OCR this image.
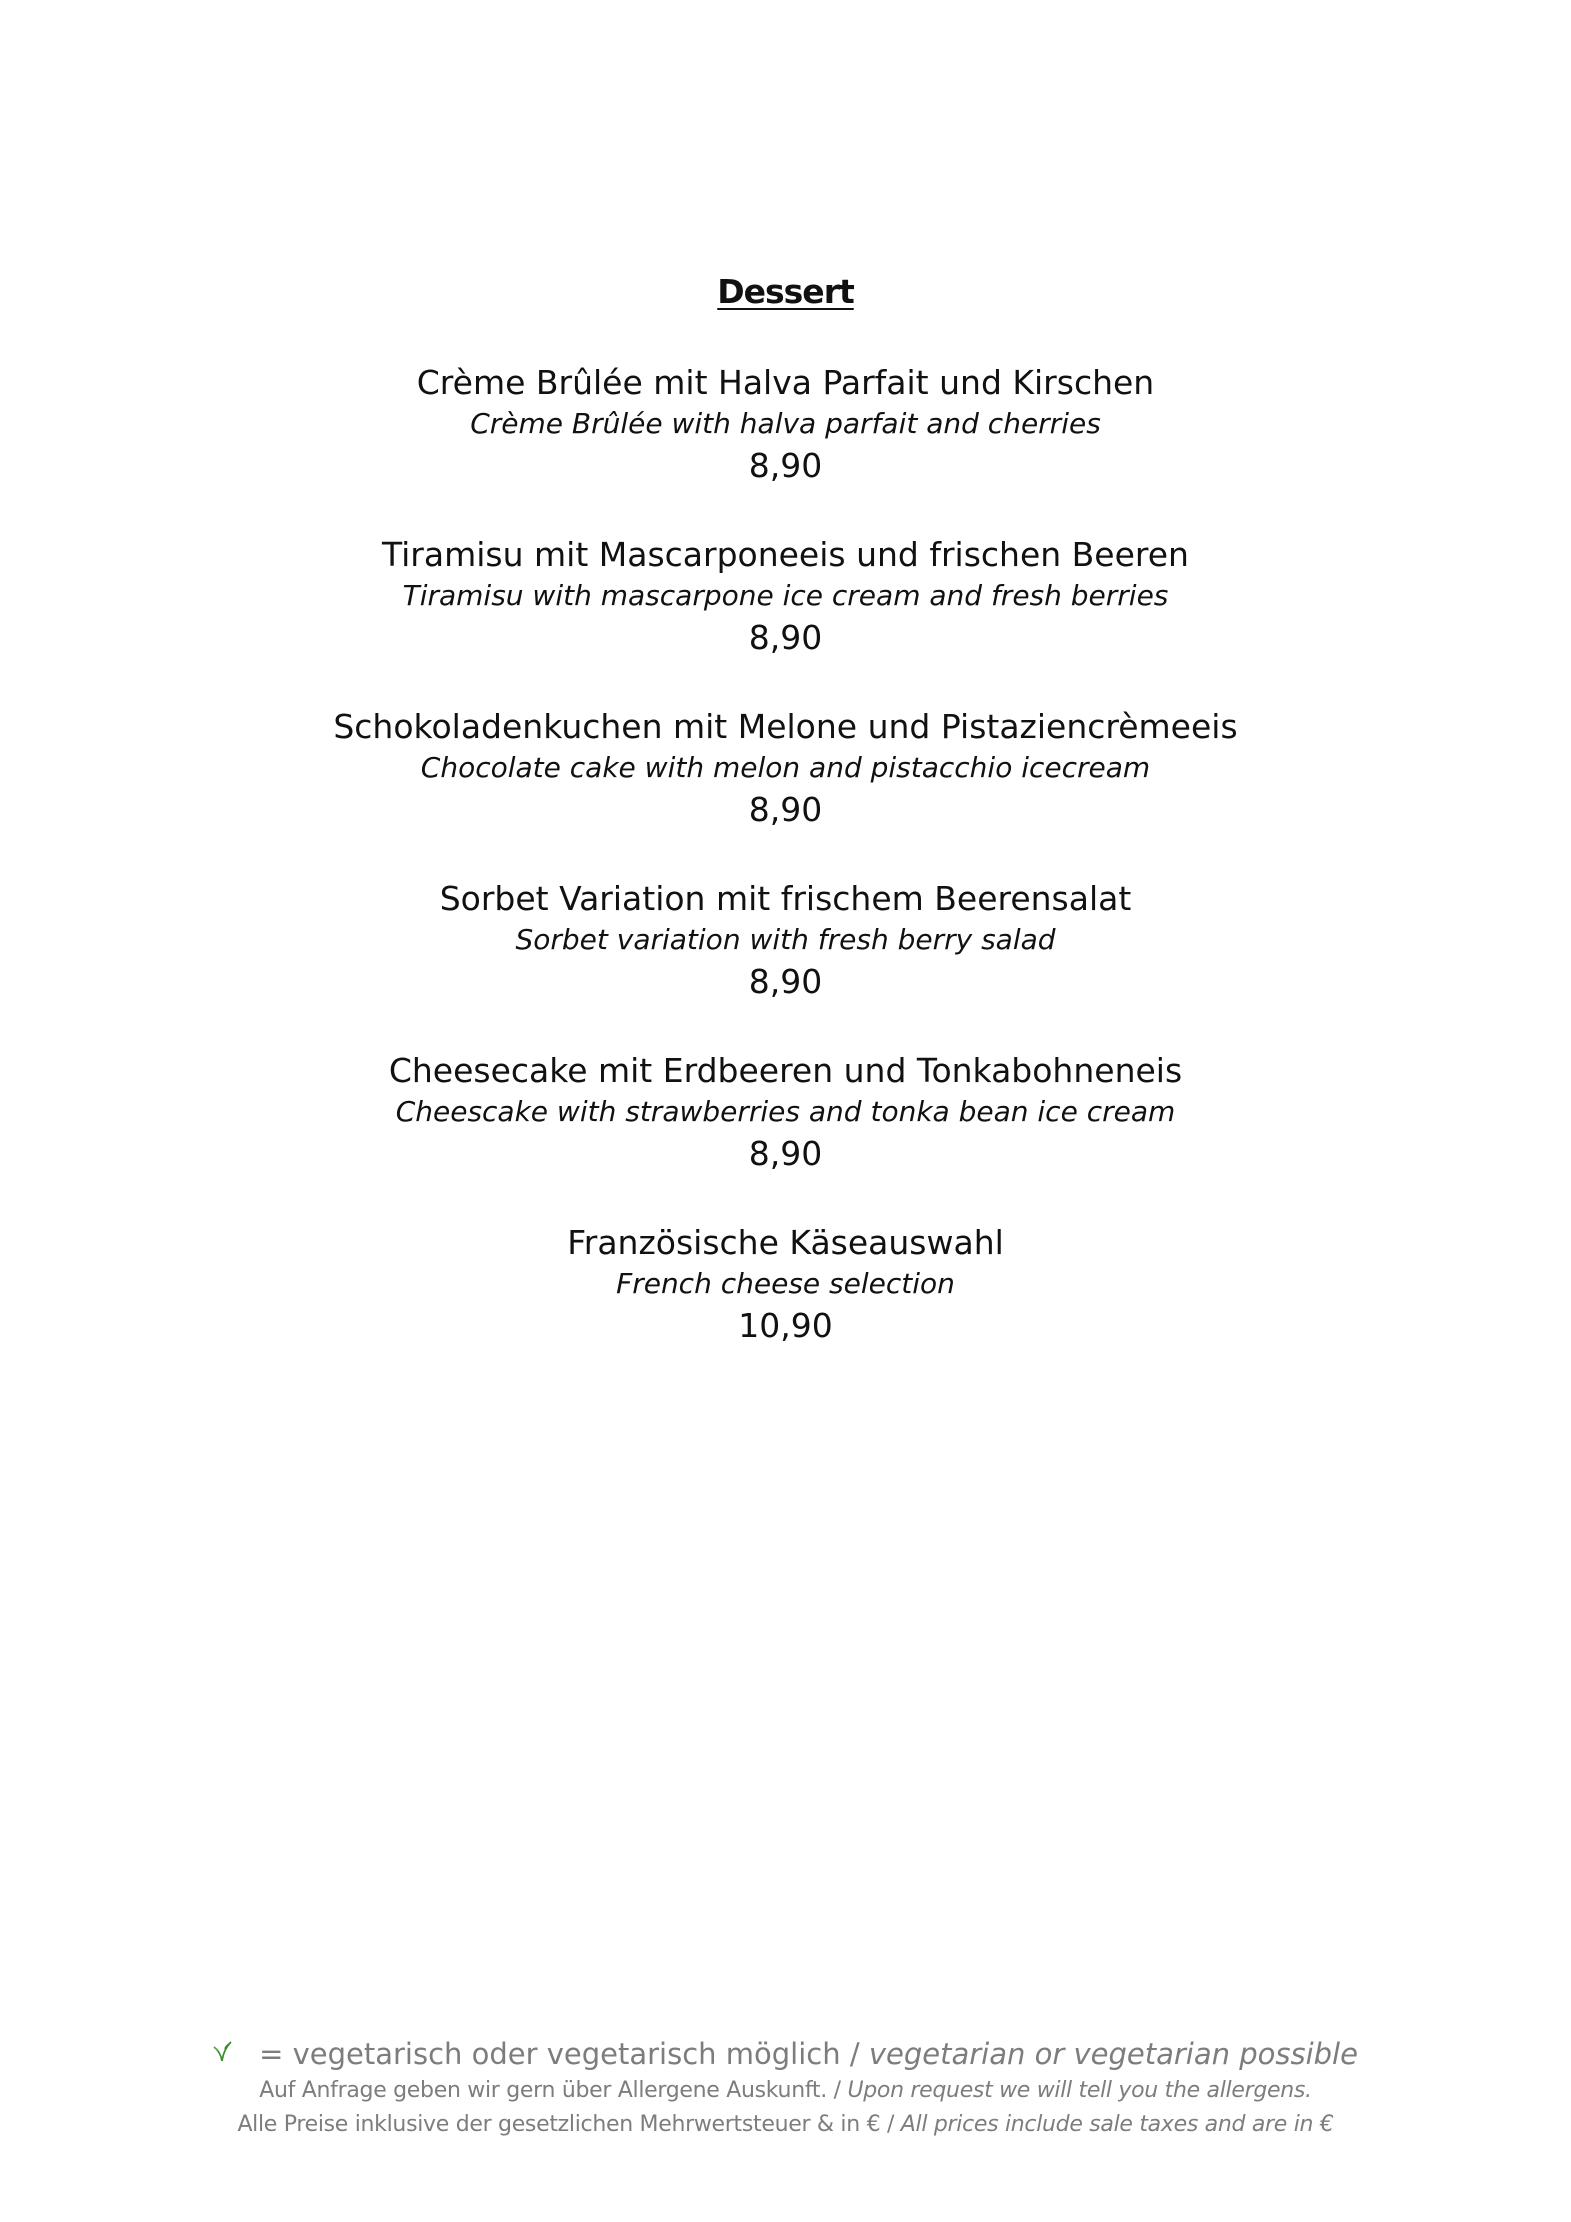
Dessert
Crème Brûlée mit Halva Parfait und Kirschen
Crème Brûlée with halva parfait and cherries
8,90
Tiramisu mit Mascarponeeis und frischen Beeren
Tiramisu with mascarpone ice cream and fresh berries
8,90
Schokoladenkuchen mit Melone und Pistaziencrèmeeis
Chocolate cake with melon and pistacchio icecream
8,90
Sorbet Variation mit frischem Beerensalat
Sorbet variation with fresh berry salad
8,90
Cheesecake mit Erdbeeren und Tonkabohneneis
Cheescake with strawberries and tonka bean ice cream
8,90
Französische Käseauswahl
French cheese selection
10,90
= vegetarisch oder vegetarisch möglich / vegetarian or vegetarian possible
Auf Anfrage geben wir gern über Allergene Auskunft. / Upon request we will tell you the allergens.
Alle Preise inklusive der gesetzlichen Mehrwertsteuer & in € / All prices include sale taxes and are in €
